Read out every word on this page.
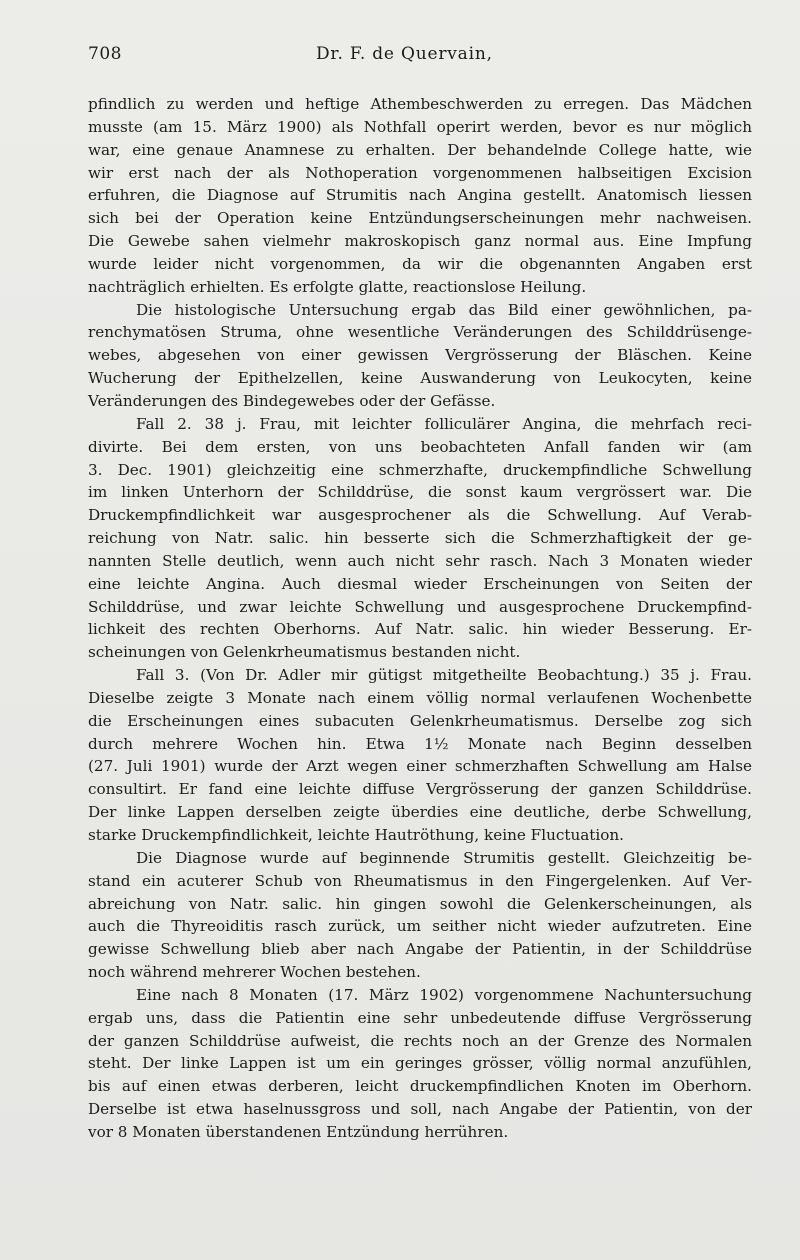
708	Dr. F. de Quervain,
pfindlich zu werden und heftige Athembeschwerden zu erregen. Das Mädchen
musste (am 15. März 1900) als Nothfall operirt werden, bevor es nur möglich
war, eine genaue Anamnese zu erhalten. Der behandelnde College hatte, wie
wir erst nach der als Nothoperation vorgenommenen halbseitigen Excision
erfuhren, die Diagnose auf Strumitis nach Angina gestellt. Anatomisch liessen
sich bei der Operation keine Entzündungserscheinungen mehr nachweisen.
Die Gewebe sahen vielmehr makroskopisch ganz normal aus. Eine Impfung
wurde leider nicht vorgenommen, da wir die obgenannten Angaben erst
nachträglich erhielten. Es erfolgte glatte, reactionslose Heilung.
Die histologische Untersuchung ergab das Bild einer gewöhnlichen, pa-
renchymatösen Struma, ohne wesentliche Veränderungen des Schilddrüsenge-
webes, abgesehen von einer gewissen Vergrösserung der Bläschen. Keine
Wucherung der Epithelzellen, keine Auswanderung von Leukocyten, keine
Veränderungen des Bindegewebes oder der Gefässe.
Fall 2. 38 j. Frau, mit leichter folliculärer Angina, die mehrfach reci-
divirte. Bei dem ersten, von uns beobachteten Anfall fanden wir (am
3. Dec. 1901) gleichzeitig eine schmerzhafte, druckempfindliche Schwellung
im linken Unterhorn der Schilddrüse, die sonst kaum vergrössert war. Die
Druckempfindlichkeit war ausgesprochener als die Schwellung. Auf Verab-
reichung von Natr. salic. hin besserte sich die Schmerzhaftigkeit der ge-
nannten Stelle deutlich, wenn auch nicht sehr rasch. Nach 3 Monaten wieder
eine leichte Angina. Auch diesmal wieder Erscheinungen von Seiten der
Schilddrüse, und zwar leichte Schwellung und ausgesprochene Druckempfind-
lichkeit des rechten Oberhorns. Auf Natr. salic. hin wieder Besserung. Er-
scheinungen von Gelenkrheumatismus bestanden nicht.
Fall 3. (Von Dr. Adler mir gütigst mitgetheilte Beobachtung.) 35 j. Frau.
Dieselbe zeigte 3 Monate nach einem völlig normal verlaufenen Wochenbette
die Erscheinungen eines subacuten Gelenkrheumatismus. Derselbe zog sich
durch mehrere Wochen hin. Etwa 1½ Monate nach Beginn desselben
(27. Juli 1901) wurde der Arzt wegen einer schmerzhaften Schwellung am Halse
consultirt. Er fand eine leichte diffuse Vergrösserung der ganzen Schilddrüse.
Der linke Lappen derselben zeigte überdies eine deutliche, derbe Schwellung,
starke Druckempfindlichkeit, leichte Hautröthung, keine Fluctuation.
Die Diagnose wurde auf beginnende Strumitis gestellt. Gleichzeitig be-
stand ein acuterer Schub von Rheumatismus in den Fingergelenken. Auf Ver-
abreichung von Natr. salic. hin gingen sowohl die Gelenkerscheinungen, als
auch die Thyreoiditis rasch zurück, um seither nicht wieder aufzutreten. Eine
gewisse Schwellung blieb aber nach Angabe der Patientin, in der Schilddrüse
noch während mehrerer Wochen bestehen.
Eine nach 8 Monaten (17. März 1902) vorgenommene Nachuntersuchung
ergab uns, dass die Patientin eine sehr unbedeutende diffuse Vergrösserung
der ganzen Schilddrüse aufweist, die rechts noch an der Grenze des Normalen
steht. Der linke Lappen ist um ein geringes grösser, völlig normal anzufühlen,
bis auf einen etwas derberen, leicht druckempfindlichen Knoten im Oberhorn.
Derselbe ist etwa haselnussgross und soll, nach Angabe der Patientin, von der
vor 8 Monaten überstandenen Entzündung herrühren.
